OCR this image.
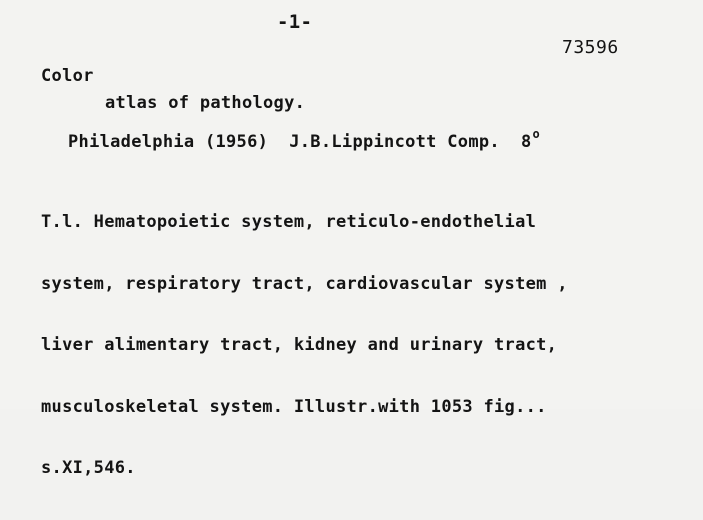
-1-
73596
Color
atlas of pathology.
Philadelphia (1956)  J.B.Lippincott Comp.  8$^o$

T.l. Hematopoietic system, reticulo-endothelial

system, respiratory tract, cardiovascular system ,

liver alimentary tract, kidney and urinary tract,

musculoskeletal system. Illustr.with 1053 fig...

s.XI,546.
